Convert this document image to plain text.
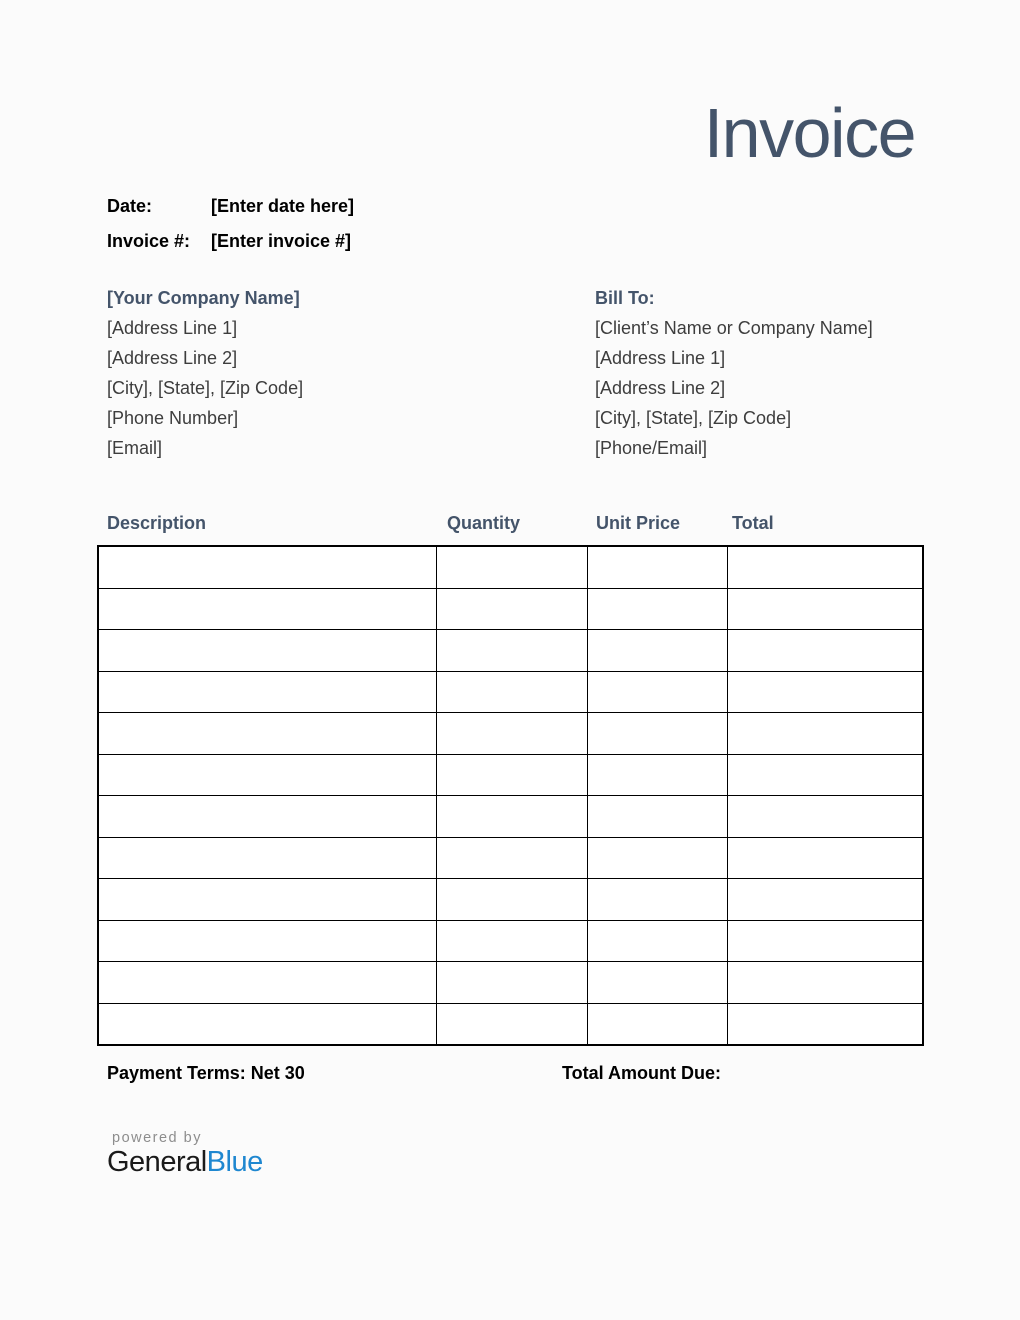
Invoice
Date:	[Enter date here]
Invoice #: [Enter invoice #]
[Your Company Name]
[Address Line 1]
[Address Line 2]
[City], [State], [Zip Code]
[Phone Number]
[Email]
Bill To:
[Client’s Name or Company Name]
[Address Line 1]
[Address Line 2]
[City], [State], [Zip Code]
[Phone/Email]
Description	Quantity	Unit Price	Total

Payment Terms: Net 30	Total Amount Due:
powered by
GeneralBlue
